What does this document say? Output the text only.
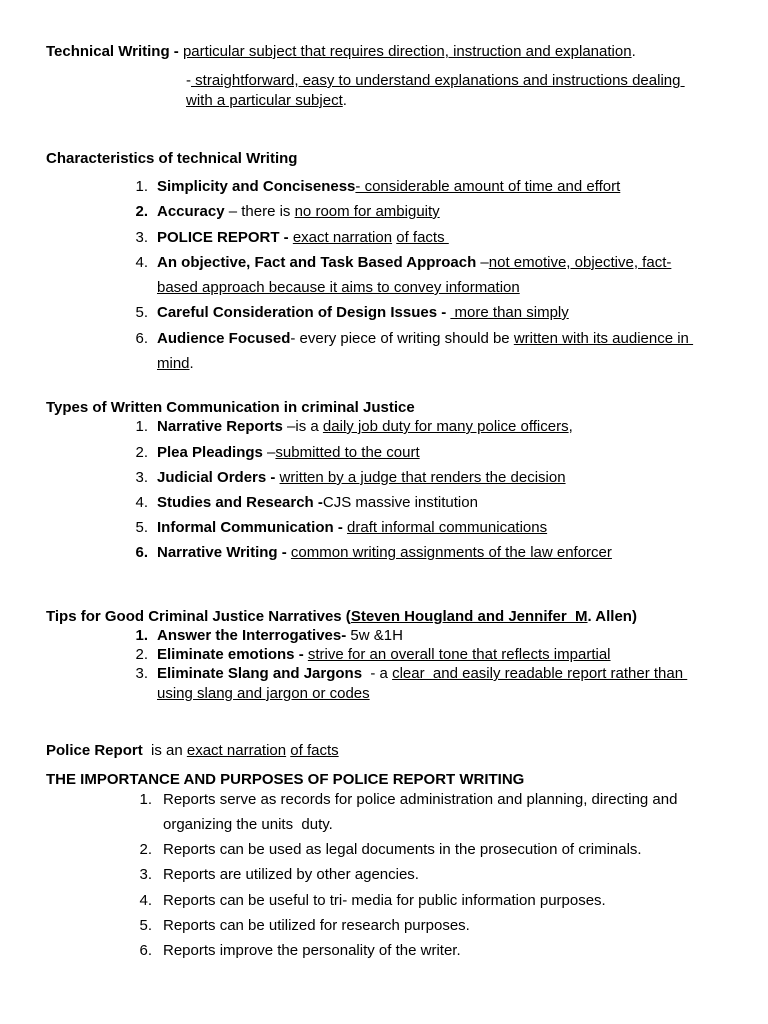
Technical Writing - particular subject that requires direction, instruction and explanation.
- straightforward, easy to understand explanations and instructions dealing
with a particular subject.
Characteristics of technical Writing
1. Simplicity and Conciseness- considerable amount of time and effort
2. Accuracy – there is no room for ambiguity
3. POLICE REPORT - exact narration of facts
4. An objective, Fact and Task Based Approach –not emotive, objective, fact-
based approach because it aims to convey information
5. Careful Consideration of Design Issues -  more than simply
6. Audience Focused- every piece of writing should be written with its audience in
mind.
Types of Written Communication in criminal Justice
1. Narrative Reports –is a daily job duty for many police officers,
2. Plea Pleadings –submitted to the court
3. Judicial Orders - written by a judge that renders the decision
4. Studies and Research -CJS massive institution
5. Informal Communication - draft informal communications
6. Narrative Writing - common writing assignments of the law enforcer
Tips for Good Criminal Justice Narratives (Steven Hougland and Jennifer  M. Allen)
1. Answer the Interrogatives- 5w &1H
2. Eliminate emotions - strive for an overall tone that reflects impartial
3. Eliminate Slang and Jargons  - a clear  and easily readable report rather than
using slang and jargon or codes
Police Report  is an exact narration of facts
THE IMPORTANCE AND PURPOSES OF POLICE REPORT WRITING
1. Reports serve as records for police administration and planning, directing and
organizing the units  duty.
2. Reports can be used as legal documents in the prosecution of criminals.
3. Reports are utilized by other agencies.
4. Reports can be useful to tri- media for public information purposes.
5. Reports can be utilized for research purposes.
6. Reports improve the personality of the writer.
